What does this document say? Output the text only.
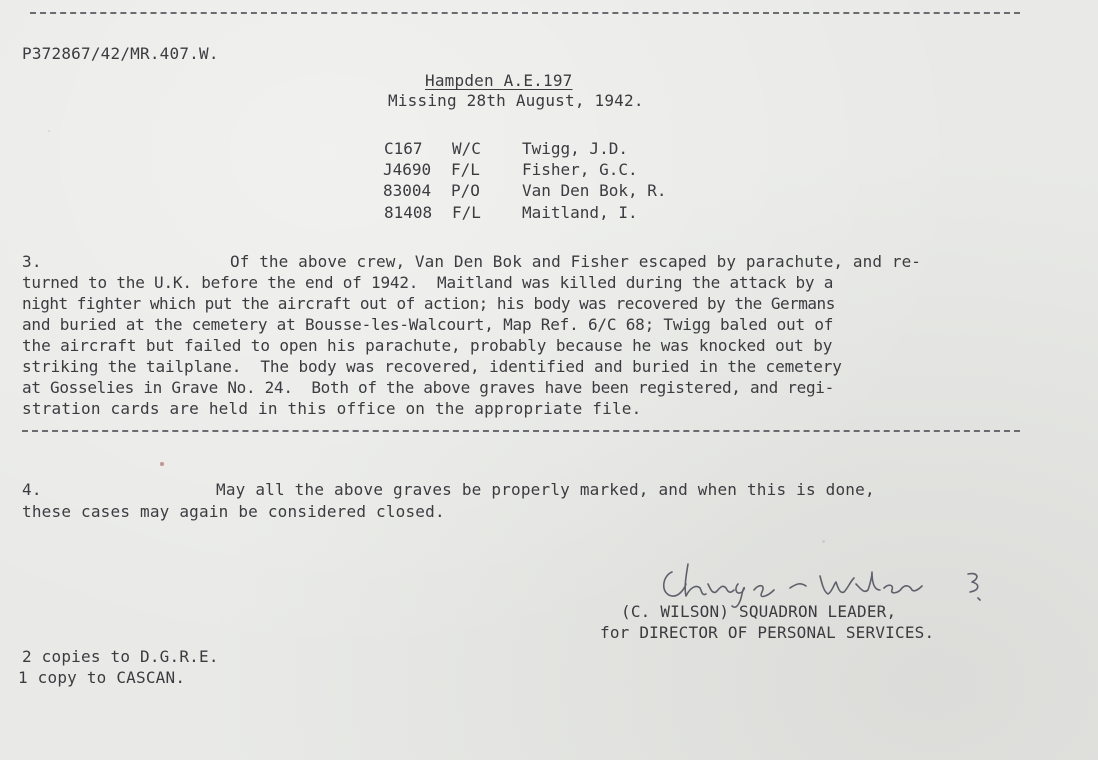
P372867/42/MR.407.W.
Hampden A.E.197
Missing 28th August, 1942.
C167 W/C	Twigg, J.D.
J4690 F/L	Fisher, G.C.
83004 P/O	Van Den Bok, R.
81408 F/L	Maitland, I.
3.	Of the above crew, Van Den Bok and Fisher escaped by parachute, and re-
turned to the U.K. before the end of 1942.  Maitland was killed during the attack by a
night fighter which put the aircraft out of action; his body was recovered by the Germans
and buried at the cemetery at Bousse-les-Walcourt, Map Ref. 6/C 68; Twigg baled out of
the aircraft but failed to open his parachute, probably because he was knocked out by
striking the tailplane.  The body was recovered, identified and buried in the cemetery
at Gosselies in Grave No. 24.  Both of the above graves have been registered, and regi-
stration cards are held in this office on the appropriate file.
4.	May all the above graves be properly marked, and when this is done,
these cases may again be considered closed.
(C. WILSON) SQUADRON LEADER,
for DIRECTOR OF PERSONAL SERVICES.
2 copies to D.G.R.E.
1 copy to CASCAN.
